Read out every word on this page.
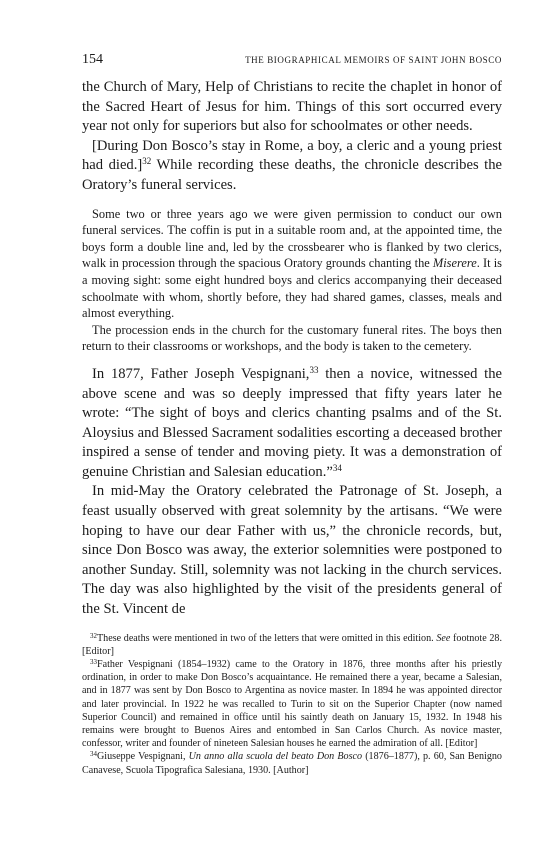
154	THE BIOGRAPHICAL MEMOIRS OF SAINT JOHN BOSCO

the Church of Mary, Help of Christians to recite the chaplet in honor of the Sacred Heart of Jesus for him. Things of this sort occurred every year not only for superiors but also for schoolmates or other needs.

[During Don Bosco’s stay in Rome, a boy, a cleric and a young priest had died.]$^{32}$ While recording these deaths, the chronicle describes the Oratory’s funeral services.

Some two or three years ago we were given permission to conduct our own funeral services. The coffin is put in a suitable room and, at the appointed time, the boys form a double line and, led by the crossbearer who is flanked by two clerics, walk in procession through the spacious Oratory grounds chanting the Miserere. It is a moving sight: some eight hundred boys and clerics accompanying their deceased schoolmate with whom, shortly before, they had shared games, classes, meals and almost everything.

The procession ends in the church for the customary funeral rites. The boys then return to their classrooms or workshops, and the body is taken to the cemetery.

In 1877, Father Joseph Vespignani,$^{33}$ then a novice, witnessed the above scene and was so deeply impressed that fifty years later he wrote: “The sight of boys and clerics chanting psalms and of the St. Aloysius and Blessed Sacrament sodalities escorting a deceased brother inspired a sense of tender and moving piety. It was a demonstration of genuine Christian and Salesian education.”$^{34}$

In mid-May the Oratory celebrated the Patronage of St. Joseph, a feast usually observed with great solemnity by the artisans. “We were hoping to have our dear Father with us,” the chronicle records, but, since Don Bosco was away, the exterior solemnities were postponed to another Sunday. Still, solemnity was not lacking in the church services. The day was also highlighted by the visit of the presidents general of the St. Vincent de

$^{32}$These deaths were mentioned in two of the letters that were omitted in this edition. See footnote 28. [Editor]

$^{33}$Father Vespignani (1854–1932) came to the Oratory in 1876, three months after his priestly ordination, in order to make Don Bosco’s acquaintance. He remained there a year, became a Salesian, and in 1877 was sent by Don Bosco to Argentina as novice master. In 1894 he was appointed director and later provincial. In 1922 he was recalled to Turin to sit on the Superior Chapter (now named Superior Council) and remained in office until his saintly death on January 15, 1932. In 1948 his remains were brought to Buenos Aires and entombed in San Carlos Church. As novice master, confessor, writer and founder of nineteen Salesian houses he earned the admiration of all. [Editor]

$^{34}$Giuseppe Vespignani, Un anno alla scuola del beato Don Bosco (1876–1877), p. 60, San Benigno Canavese, Scuola Tipografica Salesiana, 1930. [Author]
